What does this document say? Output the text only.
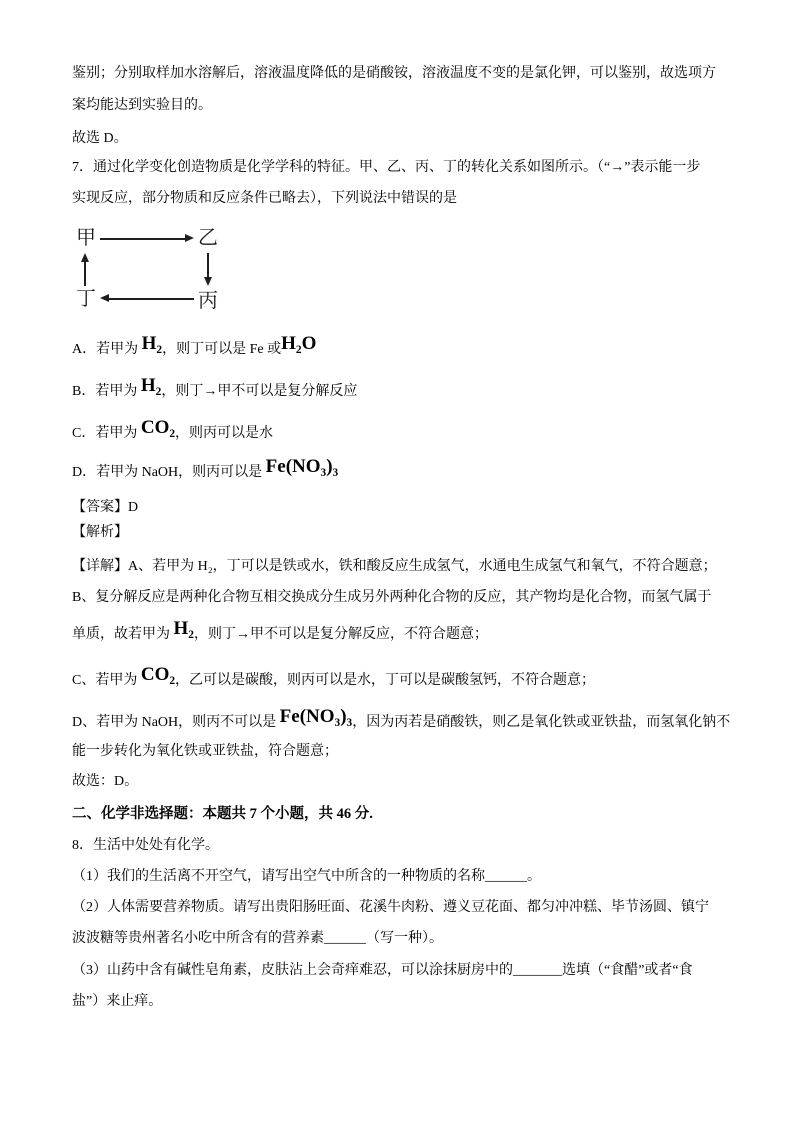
鉴别；分别取样加水溶解后，溶液温度降低的是硝酸铵，溶液温度不变的是氯化钾，可以鉴别，故选项方
案均能达到实验目的。
故选 D。
7．通过化学变化创造物质是化学学科的特征。甲、乙、丙、丁的转化关系如图所示。（“→”表示能一步
实现反应，部分物质和反应条件已略去），下列说法中错误的是
甲	乙
丁	丙
A．若甲为 H₂，则丁可以是 Fe 或H₂O
B．若甲为 H₂，则丁→甲不可以是复分解反应
C．若甲为 CO₂，则丙可以是水
D．若甲为 NaOH，则丙可以是 Fe(NO₃)₃
【答案】D
【解析】
【详解】A、若甲为 H₂，丁可以是铁或水，铁和酸反应生成氢气，水通电生成氢气和氧气，不符合题意；
B、复分解反应是两种化合物互相交换成分生成另外两种化合物的反应，其产物均是化合物，而氢气属于
单质，故若甲为 H₂，则丁→甲不可以是复分解反应，不符合题意；
C、若甲为 CO₂，乙可以是碳酸，则丙可以是水，丁可以是碳酸氢钙，不符合题意；
D、若甲为 NaOH，则丙不可以是 Fe(NO₃)₃，因为丙若是硝酸铁，则乙是氧化铁或亚铁盐，而氢氧化钠不
能一步转化为氧化铁或亚铁盐，符合题意；
故选：D。
二、化学非选择题：本题共 7 个小题，共 46 分.
8．生活中处处有化学。
（1）我们的生活离不开空气，请写出空气中所含的一种物质的名称______。
（2）人体需要营养物质。请写出贵阳肠旺面、花溪牛肉粉、遵义豆花面、都匀冲冲糕、毕节汤圆、镇宁
波波糖等贵州著名小吃中所含有的营养素______（写一种）。
（3）山药中含有碱性皂角素，皮肤沾上会奇痒难忍，可以涂抹厨房中的_______选填（“食醋”或者“食
盐”）来止痒。
